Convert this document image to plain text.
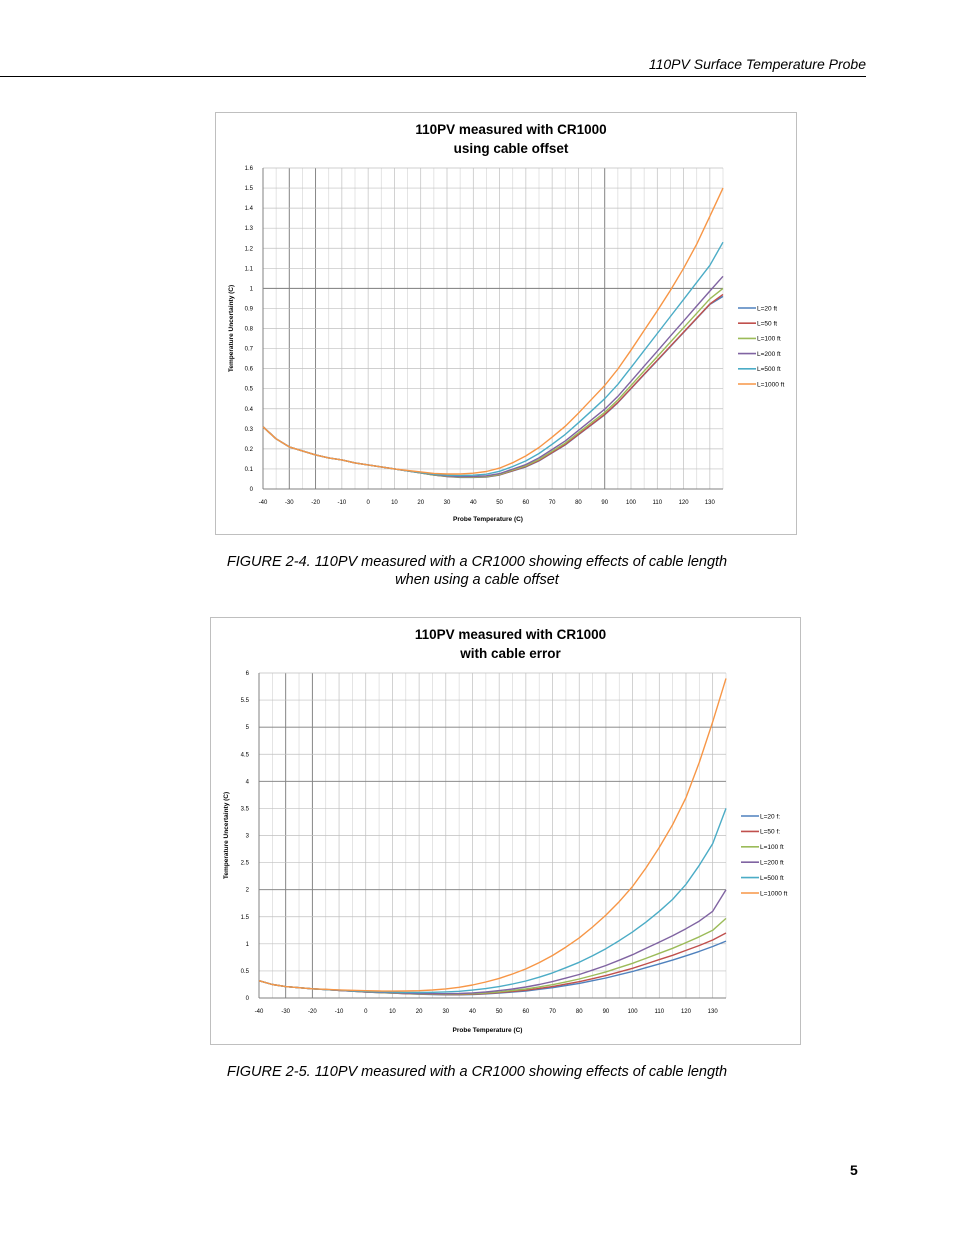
110PV Surface Temperature Probe
110PV measured with CR1000
using cable offset
0
0.1
0.2
0.3
0.4
0.5
0.6
0.7
0.8
0.9
1
1.1
1.2
1.3
1.4
1.5
1.6
-40	-30	-20	-10	0	10	20	30	40	50	60	70	80	90	100	110	120	130
Probe Temperature (C)
Temperature Uncertainty (C)	L=20 ft
L=50 ft
L=100 ft
L=200 ft
L=500 ft
L=1000 ft
FIGURE 2-4. 110PV measured with a CR1000 showing effects of cable length
when using a cable offset
110PV measured with CR1000
with cable error
0
0.5
1
1.5
2
2.5
3
3.5
4
4.5
5
5.5
6
-40	-30	-20	-10	0	10	20	30	40	50	60	70	80	90	100	110	120	130
Probe Temperature (C)
Temperature Uncertainty (C)	L=20 f:
L=50 f:
L=100 ft
L=200 ft
L=500 ft
L=1000 ft
FIGURE 2-5. 110PV measured with a CR1000 showing effects of cable length
5
